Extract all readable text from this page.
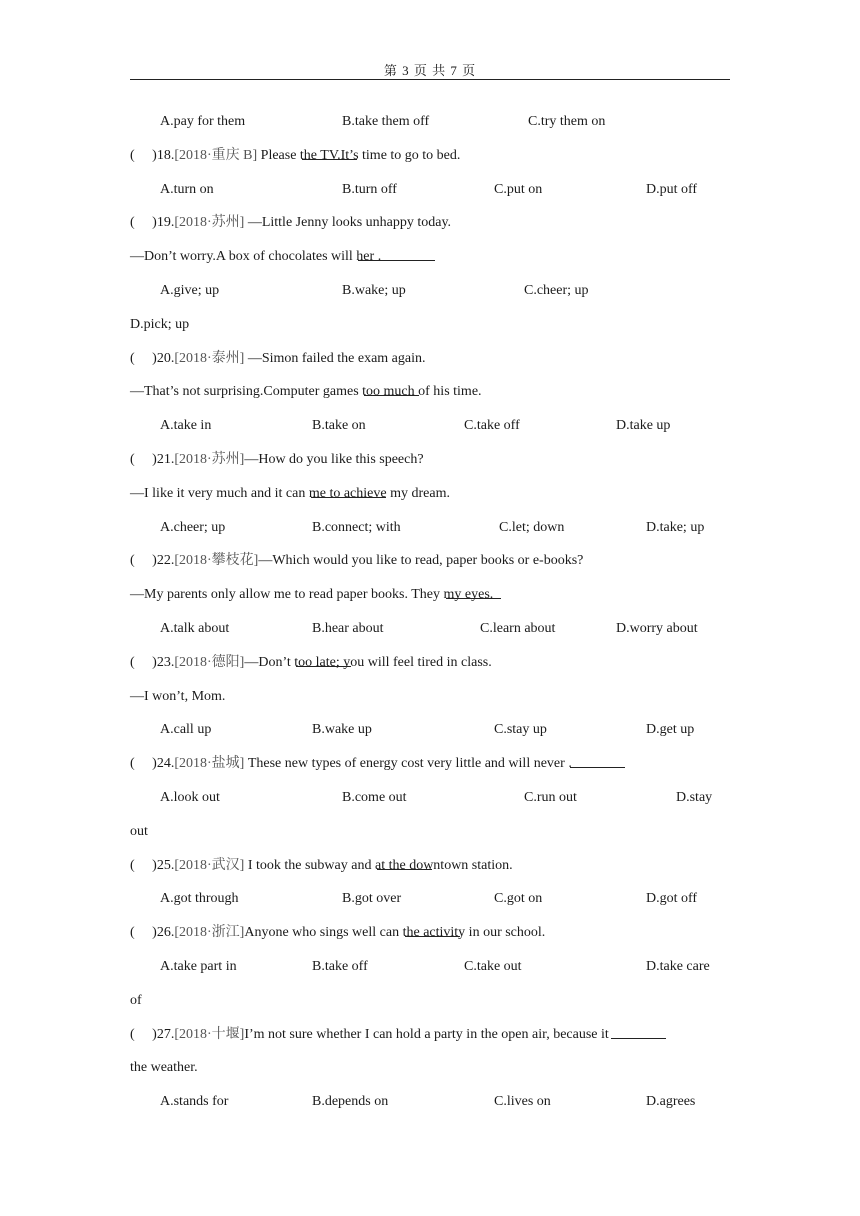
第 3 页 共 7 页
A.pay for them	B.take them off	C.try them on
(     )18.[2018·重庆 B] Please
the TV.It’s time to go to bed.
A.turn on	B.turn off	C.put on	D.put off
(     )19.[2018·苏州] —Little Jenny looks unhappy today.
—Don’t worry.A box of chocolates will
her
.
A.give; up	B.wake; up	C.cheer; up
D.pick; up
(     )20.[2018·泰州] —Simon failed the exam again.
—That’s not surprising.Computer games
too much of his time.
A.take in	B.take on	C.take off	D.take up
(     )21.[2018·苏州]—How do you like this speech?
—I like it very much and it can
me
to achieve my dream.
A.cheer; up	B.connect; with	C.let; down	D.take; up
(     )22.[2018·攀枝花]—Which would you like to read, paper books or e-books?
—My parents only allow me to read paper books. They
my eyes.
A.talk about	B.hear about	C.learn about	D.worry about
(     )23.[2018·德阳]—Don’t
too late; you will feel tired in class.
—I won’t, Mom.
A.call up	B.wake up	C.stay up	D.get up
(     )24.[2018·盐城] These new types of energy cost very little and will never
.
A.look out	B.come out	C.run out	D.stay
out
(     )25.[2018·武汉] I took the subway and
at the downtown station.
A.got through	B.got over	C.got on	D.got off
(     )26.[2018·浙江]Anyone who sings well can
the activity in our school.
A.take part in	B.take off	C.take out	D.take care
of
(     )27.[2018·十堰]I’m not sure whether I can hold a party in the open air, because it
the weather.
A.stands for	B.depends on	C.lives on	D.agrees
